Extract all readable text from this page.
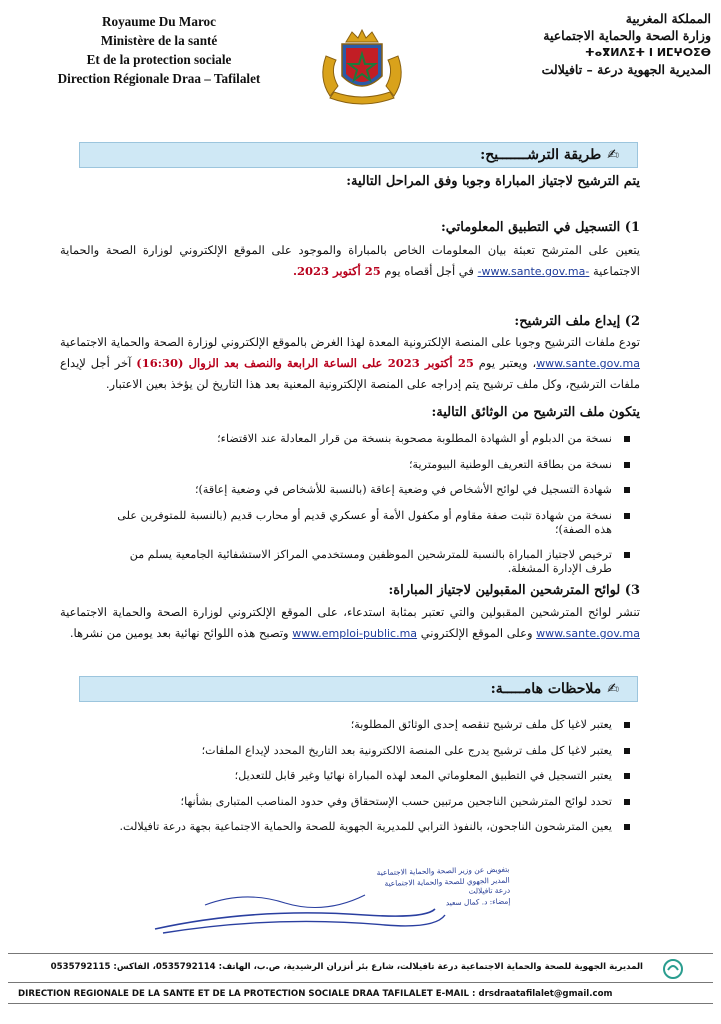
Royaume Du Maroc
Ministère de la santé
Et de la protection sociale
Direction Régionale Draa – Tafilalet
المملكة المغربية
وزارة الصحة والحماية الاجتماعية
ⵜⴰⴳⵍⴷⵉⵜ ⵏ ⵍⵎⵖⵔⵉⴱ
المديرية الجهوية درعة – تافيلالت
✍طريقة الترشـــــــيح:
يتم الترشيح لاجتياز المباراة وجوبا وفق المراحل التالية:
1) التسجيل في التطبيق المعلوماتي:
يتعين على المترشح تعبئة بيان المعلومات الخاص بالمباراة والموجود على الموقع الإلكتروني لوزارة الصحة والحماية الاجتماعية -www.sante.gov.ma- في أجل أقصاه يوم 25 أكتوبر 2023.
2) إيداع ملف الترشيح:
تودع ملفات الترشيح وجوبا على المنصة الإلكترونية المعدة لهذا الغرض بالموقع الإلكتروني لوزارة الصحة والحماية الاجتماعية www.sante.gov.ma، ويعتبر يوم 25 أكتوبر 2023 على الساعة الرابعة والنصف بعد الزوال (16:30) آخر أجل لإيداع ملفات الترشيح، وكل ملف ترشيح يتم إدراجه على المنصة الإلكترونية المعنية بعد هذا التاريخ لن يؤخذ بعين الاعتبار.
يتكون ملف الترشيح من الوثائق التالية:
نسخة من الدبلوم أو الشهادة المطلوبة مصحوبة بنسخة من قرار المعادلة عند الاقتضاء؛
نسخة من بطاقة التعريف الوطنية البيومترية؛
شهادة التسجيل في لوائح الأشخاص في وضعية إعاقة (بالنسبة للأشخاص في وضعية إعاقة)؛
نسخة من شهادة تثبت صفة مقاوم أو مكفول الأمة أو عسكري قديم أو محارب قديم (بالنسبة للمتوفرين على هذه الصفة)؛
ترخيص لاجتياز المباراة بالنسبة للمترشحين الموظفين ومستخدمي المراكز الاستشفائية الجامعية يسلم من طرف الإدارة المشغلة.
3) لوائح المترشحين المقبولين لاجتياز المباراة:
تنشر لوائح المترشحين المقبولين والتي تعتبر بمثابة استدعاء، على الموقع الإلكتروني لوزارة الصحة والحماية الاجتماعية www.sante.gov.ma وعلى الموقع الإلكتروني www.emploi-public.ma وتصبح هذه اللوائح نهائية بعد يومين من نشرها.
✍ملاحظات هامـــــة:
يعتبر لاغيا كل ملف ترشيح تنقصه إحدى الوثائق المطلوبة؛
يعتبر لاغيا كل ملف ترشيح يدرج على المنصة الالكترونية بعد التاريخ المحدد لإيداع الملفات؛
يعتبر التسجيل في التطبيق المعلوماتي المعد لهذه المباراة نهائيا وغير قابل للتعديل؛
تحدد لوائح المترشحين الناجحين مرتبين حسب الإستحقاق وفي حدود المناصب المتبارى بشأنها؛
يعين المترشحون الناجحون، بالنفوذ الترابي للمديرية الجهوية للصحة والحماية الاجتماعية بجهة درعة تافيلالت.
بتفويض عن وزير الصحة والحماية الاجتماعية
المدير الجهوي للصحة والحماية الاجتماعية
درعة تافيلالت
إمضاء: د. كمال سعيد
المديرية الجهوية للصحة والحماية الاجتماعية درعة تافيلالت، شارع بئر أنزران الرشيدية، ص.ب، الهاتف: 0535792114، الفاكس: 0535792115
DIRECTION REGIONALE DE LA SANTE ET DE LA PROTECTION SOCIALE DRAA TAFILALET E-MAIL : drsdraatafilalet@gmail.com
